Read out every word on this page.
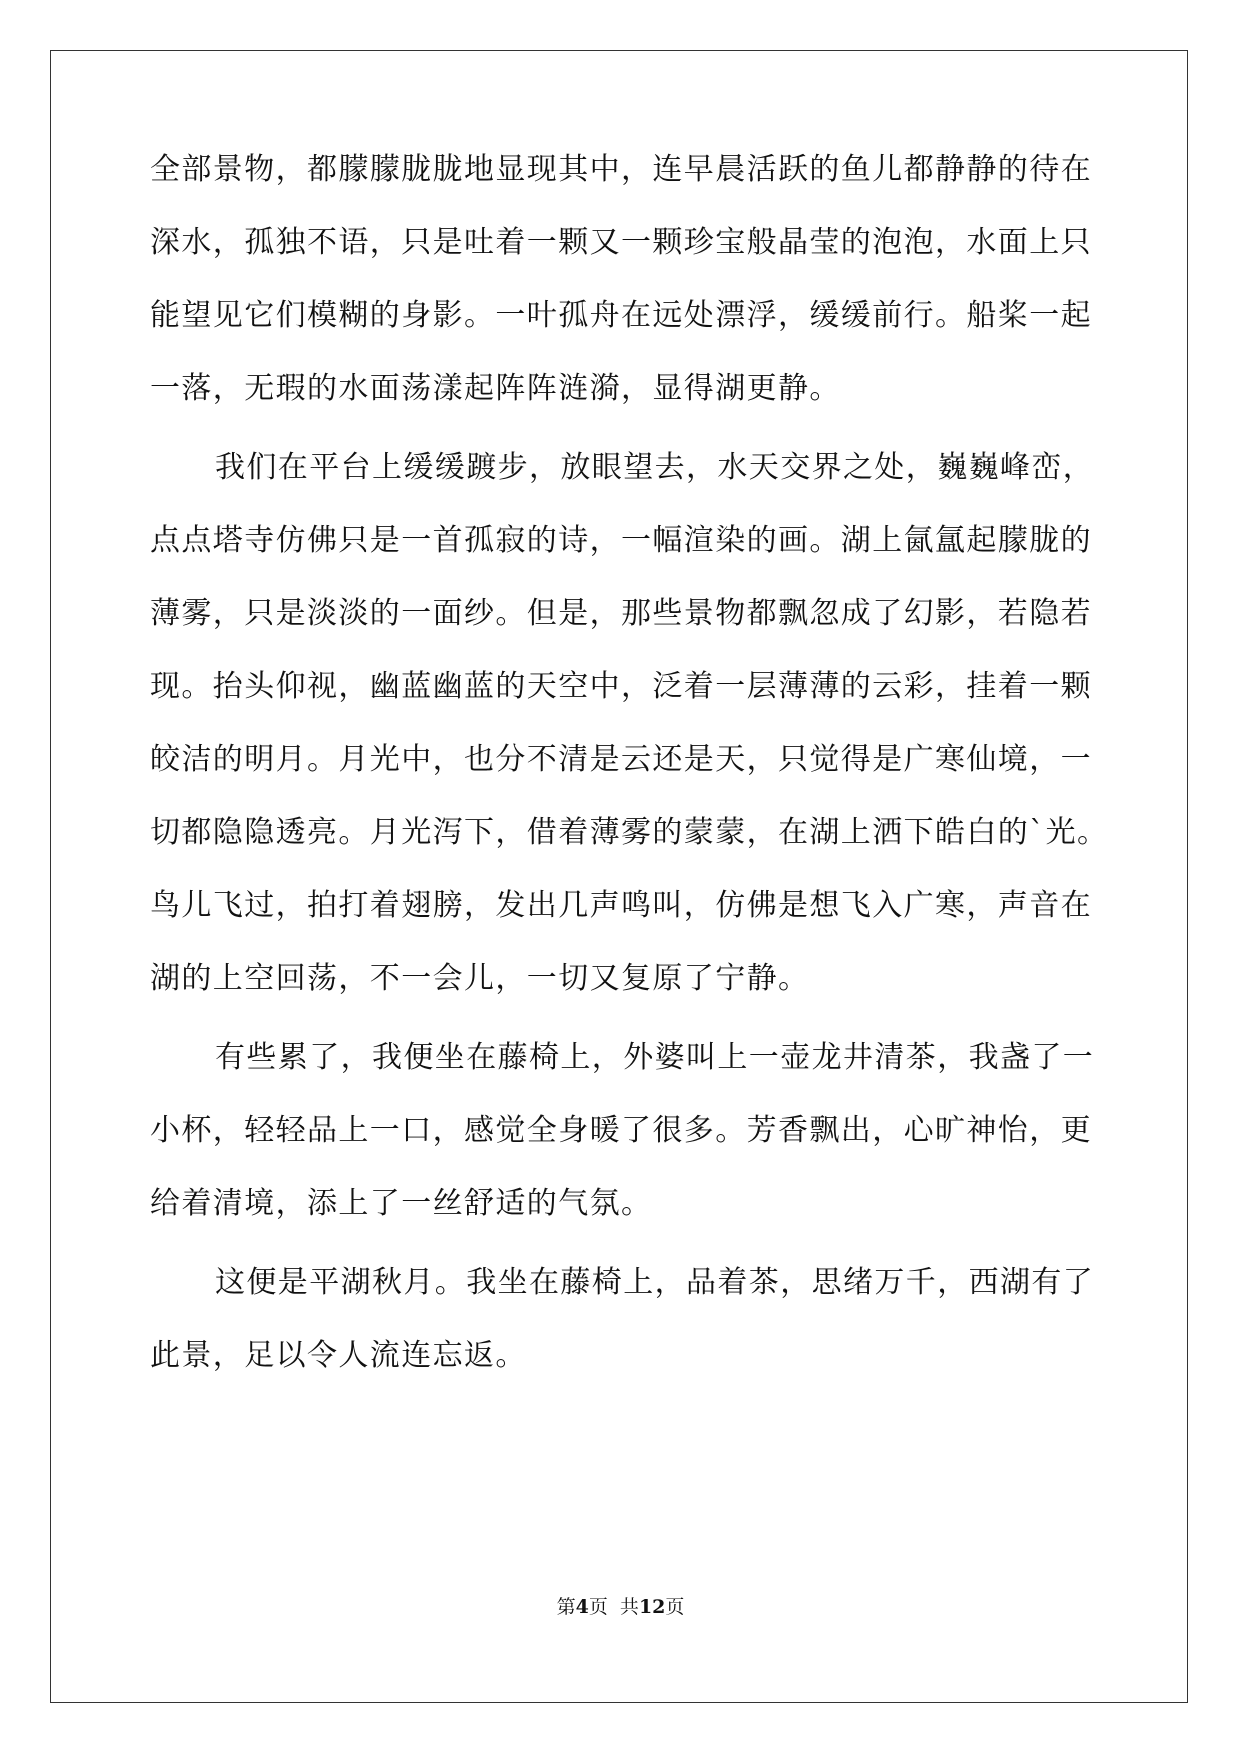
全部景物，都朦朦胧胧地显现其中，连早晨活跃的鱼儿都静静的待在
深水，孤独不语，只是吐着一颗又一颗珍宝般晶莹的泡泡，水面上只
能望见它们模糊的身影。一叶孤舟在远处漂浮，缓缓前行。船桨一起
一落，无瑕的水面荡漾起阵阵涟漪，显得湖更静。
我们在平台上缓缓踱步，放眼望去，水天交界之处，巍巍峰峦，
点点塔寺仿佛只是一首孤寂的诗，一幅渲染的画。湖上氤氲起朦胧的
薄雾，只是淡淡的一面纱。但是，那些景物都飘忽成了幻影，若隐若
现。抬头仰视，幽蓝幽蓝的天空中，泛着一层薄薄的云彩，挂着一颗
皎洁的明月。月光中，也分不清是云还是天，只觉得是广寒仙境，一
切都隐隐透亮。月光泻下，借着薄雾的蒙蒙，在湖上洒下皓白的`光。
鸟儿飞过，拍打着翅膀，发出几声鸣叫，仿佛是想飞入广寒，声音在
湖的上空回荡，不一会儿，一切又复原了宁静。
有些累了，我便坐在藤椅上，外婆叫上一壶龙井清茶，我盏了一
小杯，轻轻品上一口，感觉全身暖了很多。芳香飘出，心旷神怡，更
给着清境，添上了一丝舒适的气氛。
这便是平湖秋月。我坐在藤椅上，品着茶，思绪万千，西湖有了
此景，足以令人流连忘返。
第4页  共12页
